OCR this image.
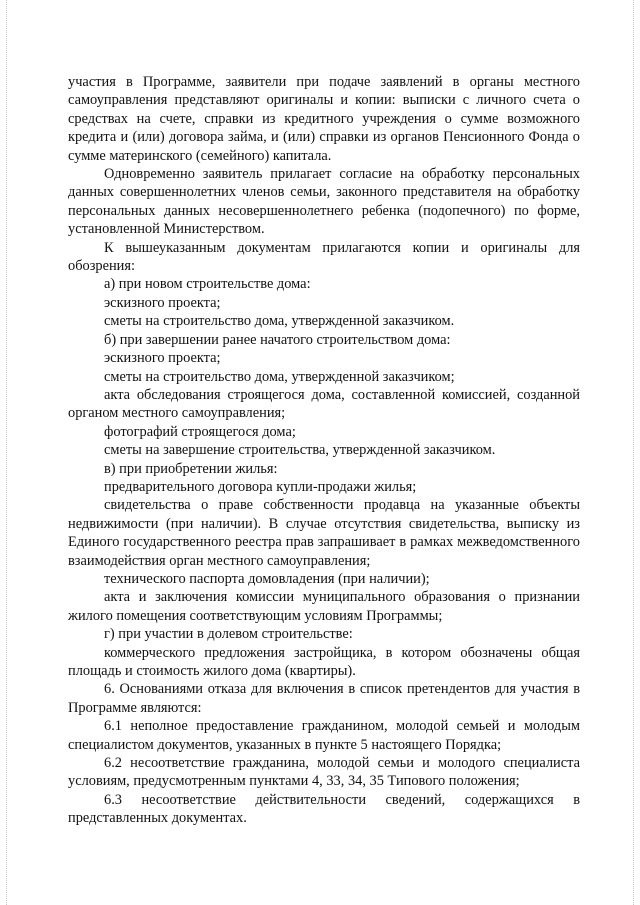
участия в Программе, заявители при подаче заявлений в органы местного самоуправления представляют оригиналы и копии: выписки с личного счета о средствах на счете, справки из кредитного учреждения о сумме возможного кредита и (или) договора займа, и (или) справки из органов Пенсионного Фонда о сумме материнского (семейного) капитала.

Одновременно заявитель прилагает согласие на обработку персональных данных совершеннолетних членов семьи, законного представителя на обработку персональных данных несовершеннолетнего ребенка (подопечного) по форме, установленной Министерством.

К вышеуказанным документам прилагаются копии и оригиналы для обозрения:

а) при новом строительстве дома:

эскизного проекта;

сметы на строительство дома, утвержденной заказчиком.

б) при завершении ранее начатого строительством дома:

эскизного проекта;

сметы на строительство дома, утвержденной заказчиком;

акта обследования строящегося дома, составленной комиссией, созданной органом местного самоуправления;

фотографий строящегося дома;

сметы на завершение строительства, утвержденной заказчиком.

в) при приобретении жилья:

предварительного договора купли-продажи жилья;

свидетельства о праве собственности продавца на указанные объекты недвижимости (при наличии). В случае отсутствия свидетельства, выписку из Единого государственного реестра прав запрашивает в рамках межведомственного взаимодействия орган местного самоуправления;

технического паспорта домовладения (при наличии);

акта и заключения комиссии муниципального образования о признании жилого помещения соответствующим условиям Программы;

г) при участии в долевом строительстве:

коммерческого предложения застройщика, в котором обозначены общая площадь и стоимость жилого дома (квартиры).

6. Основаниями отказа для включения в список претендентов для участия в Программе являются:

6.1 неполное предоставление гражданином, молодой семьей и молодым специалистом документов, указанных в пункте 5 настоящего Порядка;

6.2 несоответствие гражданина, молодой семьи и молодого специалиста условиям, предусмотренным пунктами 4, 33, 34, 35 Типового положения;

6.3 несоответствие действительности сведений, содержащихся в представленных документах.
